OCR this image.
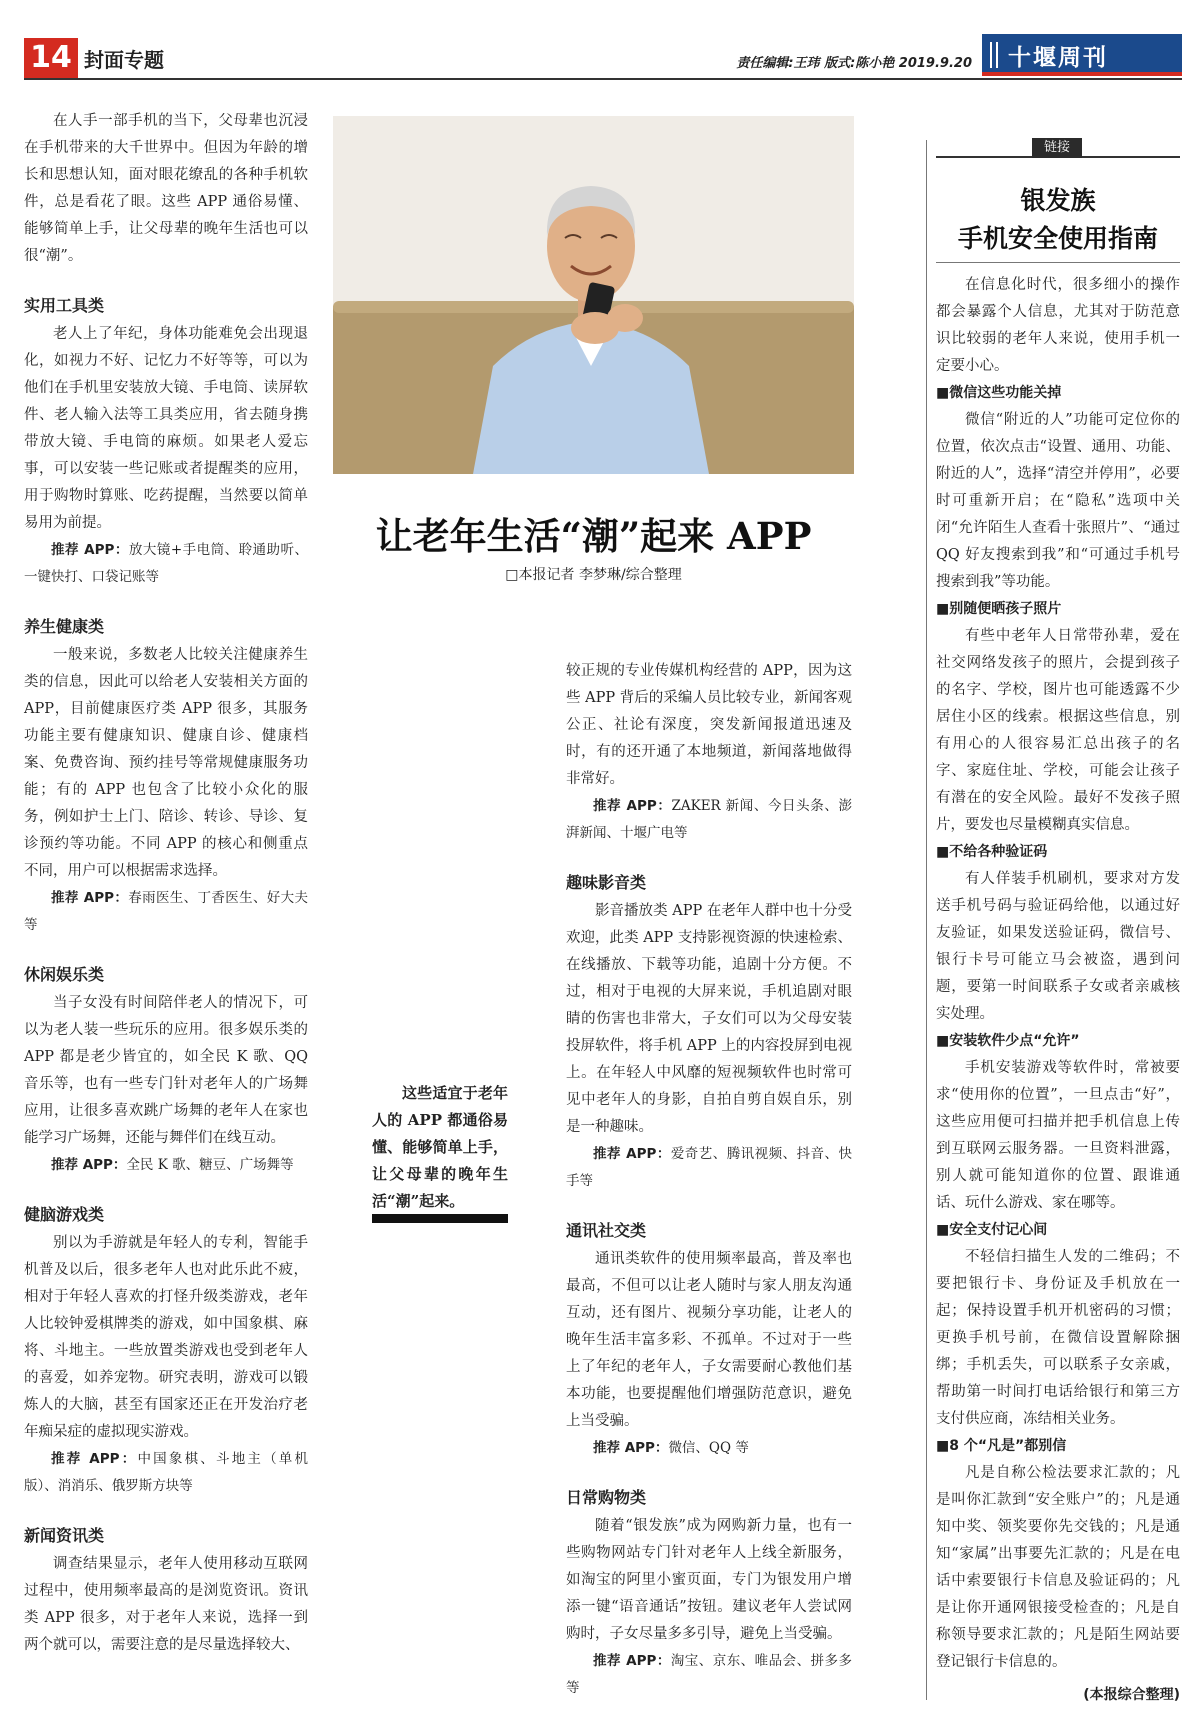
14 封面专题	责任编辑:王玮 版式:陈小艳 2019.9.20 十堰周刊

在人手一部手机的当下，父母辈也沉浸在手机带来的大千世界中。但因为年龄的增长和思想认知，面对眼花缭乱的各种手机软件，总是看花了眼。这些 APP 通俗易懂、能够简单上手，让父母辈的晚年生活也可以很“潮”。

实用工具类

老人上了年纪，身体功能难免会出现退化，如视力不好、记忆力不好等等，可以为他们在手机里安装放大镜、手电筒、读屏软件、老人输入法等工具类应用，省去随身携带放大镜、手电筒的麻烦。如果老人爱忘事，可以安装一些记账或者提醒类的应用，用于购物时算账、吃药提醒，当然要以简单易用为前提。

推荐 APP：放大镜+手电筒、聆通助听、一键快打、口袋记账等

养生健康类

一般来说，多数老人比较关注健康养生类的信息，因此可以给老人安装相关方面的 APP，目前健康医疗类 APP 很多，其服务功能主要有健康知识、健康自诊、健康档案、免费咨询、预约挂号等常规健康服务功能；有的 APP 也包含了比较小众化的服务，例如护士上门、陪诊、转诊、导诊、复诊预约等功能。不同 APP 的核心和侧重点不同，用户可以根据需求选择。

推荐 APP：春雨医生、丁香医生、好大夫等

休闲娱乐类

当子女没有时间陪伴老人的情况下，可以为老人装一些玩乐的应用。很多娱乐类的 APP 都是老少皆宜的，如全民 K 歌、QQ 音乐等，也有一些专门针对老年人的广场舞应用，让很多喜欢跳广场舞的老年人在家也能学习广场舞，还能与舞伴们在线互动。

推荐 APP：全民 K 歌、糖豆、广场舞等

健脑游戏类

别以为手游就是年轻人的专利，智能手机普及以后，很多老年人也对此乐此不疲，相对于年轻人喜欢的打怪升级类游戏，老年人比较钟爱棋牌类的游戏，如中国象棋、麻将、斗地主。一些放置类游戏也受到老年人的喜爱，如养宠物。研究表明，游戏可以锻炼人的大脑，甚至有国家还正在开发治疗老年痴呆症的虚拟现实游戏。

推荐 APP：中国象棋、斗地主（单机版）、消消乐、俄罗斯方块等

新闻资讯类

调查结果显示，老年人使用移动互联网过程中，使用频率最高的是浏览资讯。资讯类 APP 很多，对于老年人来说，选择一到两个就可以，需要注意的是尽量选择较大、

让老年生活“潮”起来 APP
□本报记者 李梦琳/综合整理
这些适宜于老年人的 APP 都通俗易懂、能够简单上手，让父母辈的晚年生活“潮”起来。

较正规的专业传媒机构经营的 APP，因为这些 APP 背后的采编人员比较专业，新闻客观公正、社论有深度，突发新闻报道迅速及时，有的还开通了本地频道，新闻落地做得非常好。

推荐 APP：ZAKER 新闻、今日头条、澎湃新闻、十堰广电等

趣味影音类

影音播放类 APP 在老年人群中也十分受欢迎，此类 APP 支持影视资源的快速检索、在线播放、下载等功能，追剧十分方便。不过，相对于电视的大屏来说，手机追剧对眼睛的伤害也非常大，子女们可以为父母安装投屏软件，将手机 APP 上的内容投屏到电视上。在年轻人中风靡的短视频软件也时常可见中老年人的身影，自拍自剪自娱自乐，别是一种趣味。

推荐 APP：爱奇艺、腾讯视频、抖音、快手等

通讯社交类

通讯类软件的使用频率最高，普及率也最高，不但可以让老人随时与家人朋友沟通互动，还有图片、视频分享功能，让老人的晚年生活丰富多彩、不孤单。不过对于一些上了年纪的老年人，子女需要耐心教他们基本功能，也要提醒他们增强防范意识，避免上当受骗。

推荐 APP：微信、QQ 等

日常购物类

随着“银发族”成为网购新力量，也有一些购物网站专门针对老年人上线全新服务，如淘宝的阿里小蜜页面，专门为银发用户增添一键“语音通话”按钮。建议老年人尝试网购时，子女尽量多多引导，避免上当受骗。

推荐 APP：淘宝、京东、唯品会、拼多多等

链接
银发族
手机安全使用指南

在信息化时代，很多细小的操作都会暴露个人信息，尤其对于防范意识比较弱的老年人来说，使用手机一定要小心。

■微信这些功能关掉

微信“附近的人”功能可定位你的位置，依次点击“设置、通用、功能、附近的人”，选择“清空并停用”，必要时可重新开启；在“隐私”选项中关闭“允许陌生人查看十张照片”、“通过QQ 好友搜索到我”和“可通过手机号搜索到我”等功能。

■别随便晒孩子照片

有些中老年人日常带孙辈，爱在社交网络发孩子的照片，会提到孩子的名字、学校，图片也可能透露不少居住小区的线索。根据这些信息，别有用心的人很容易汇总出孩子的名字、家庭住址、学校，可能会让孩子有潜在的安全风险。最好不发孩子照片，要发也尽量模糊真实信息。

■不给各种验证码

有人佯装手机刷机，要求对方发送手机号码与验证码给他，以通过好友验证，如果发送验证码，微信号、银行卡号可能立马会被盗，遇到问题，要第一时间联系子女或者亲戚核实处理。

■安装软件少点“允许”

手机安装游戏等软件时，常被要求“使用你的位置”，一旦点击“好”，这些应用便可扫描并把手机信息上传到互联网云服务器。一旦资料泄露，别人就可能知道你的位置、跟谁通话、玩什么游戏、家在哪等。

■安全支付记心间

不轻信扫描生人发的二维码；不要把银行卡、身份证及手机放在一起；保持设置手机开机密码的习惯；更换手机号前，在微信设置解除捆绑；手机丢失，可以联系子女亲戚，帮助第一时间打电话给银行和第三方支付供应商，冻结相关业务。

■8 个“凡是”都别信

凡是自称公检法要求汇款的；凡是叫你汇款到“安全账户”的；凡是通知中奖、领奖要你先交钱的；凡是通知“家属”出事要先汇款的；凡是在电话中索要银行卡信息及验证码的；凡是让你开通网银接受检查的；凡是自称领导要求汇款的；凡是陌生网站要登记银行卡信息的。

(本报综合整理)
